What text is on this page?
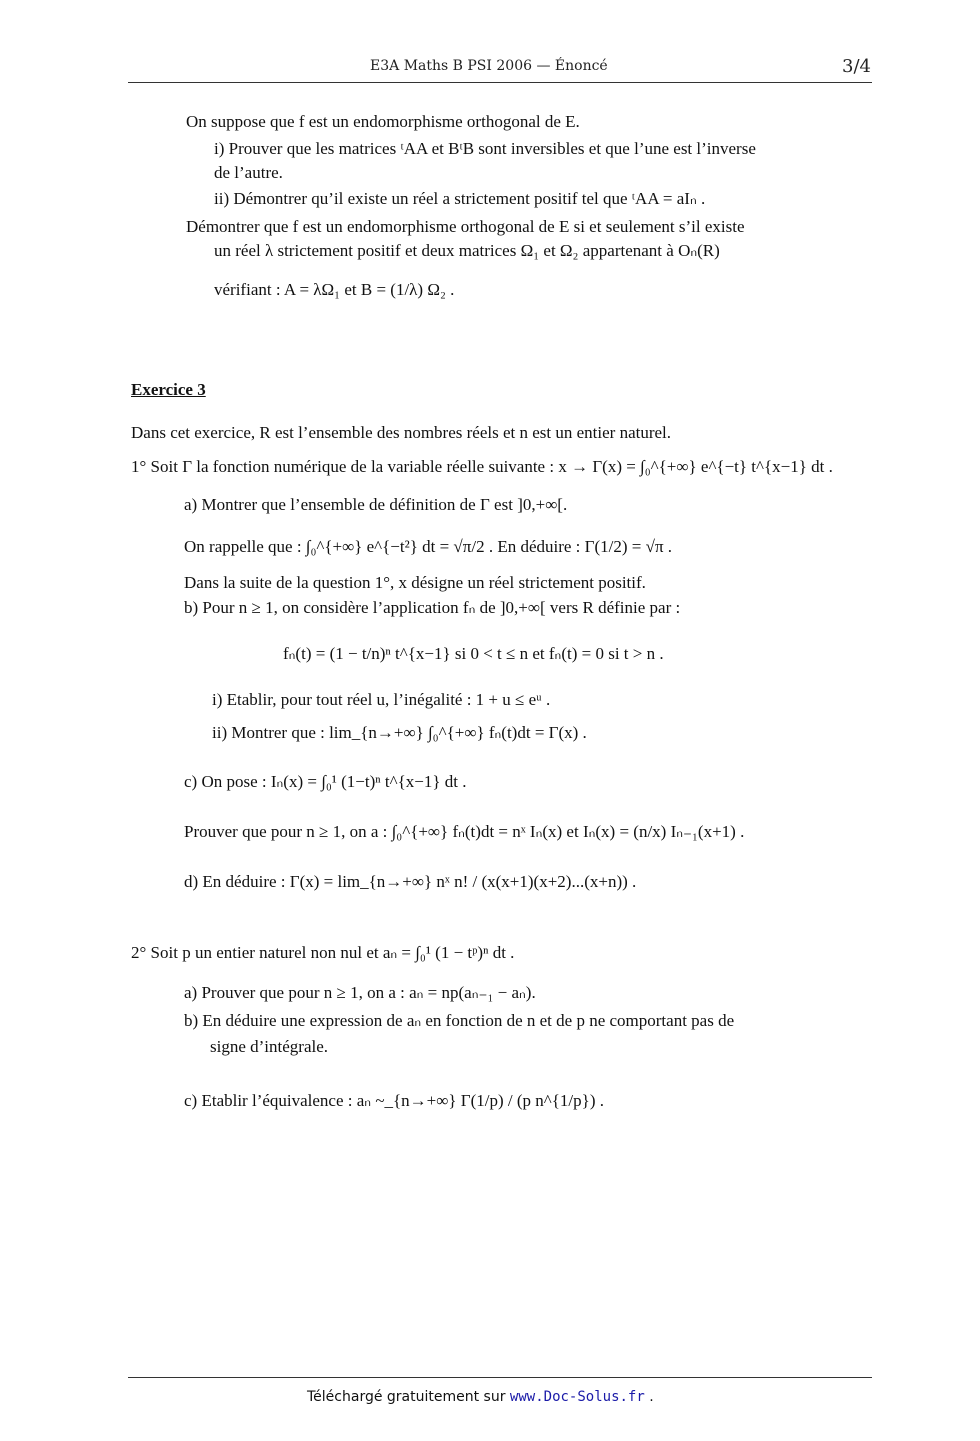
E3A Maths B PSI 2006 — Énoncé	3/4
On suppose que f est un endomorphisme orthogonal de E.
i) Prouver que les matrices ᵗAA et BᵗB sont inversibles et que l’une est l’inverse
de l’autre.
ii) Démontrer qu’il existe un réel a strictement positif tel que ᵗAA = aIₙ .
Démontrer que f est un endomorphisme orthogonal de E si et seulement s’il existe
un réel λ strictement positif et deux matrices Ω₁ et Ω₂ appartenant à Oₙ(R)
vérifiant : A = λΩ₁ et B = (1/λ) Ω₂ .
Exercice 3
Dans cet exercice, R est l’ensemble des nombres réels et n est un entier naturel.
1° Soit Γ la fonction numérique de la variable réelle suivante : x → Γ(x) = ∫₀^{+∞} e^{−t} t^{x−1} dt .
a) Montrer que l’ensemble de définition de Γ est ]0,+∞[.
On rappelle que : ∫₀^{+∞} e^{−t²} dt = √π/2 . En déduire : Γ(1/2) = √π .
Dans la suite de la question 1°, x désigne un réel strictement positif.
b) Pour n ≥ 1, on considère l’application fₙ de ]0,+∞[ vers R définie par :
fₙ(t) = (1 − t/n)ⁿ t^{x−1} si 0 < t ≤ n et fₙ(t) = 0 si t > n .
i) Etablir, pour tout réel u, l’inégalité : 1 + u ≤ eᵘ .
ii) Montrer que : lim_{n→+∞} ∫₀^{+∞} fₙ(t)dt = Γ(x) .
c) On pose : Iₙ(x) = ∫₀¹ (1−t)ⁿ t^{x−1} dt .
Prouver que pour n ≥ 1, on a : ∫₀^{+∞} fₙ(t)dt = nˣ Iₙ(x) et Iₙ(x) = (n/x) Iₙ₋₁(x+1) .
d) En déduire : Γ(x) = lim_{n→+∞} nˣ n! / (x(x+1)(x+2)...(x+n)) .
2° Soit p un entier naturel non nul et aₙ = ∫₀¹ (1 − tᵖ)ⁿ dt .
a) Prouver que pour n ≥ 1, on a : aₙ = np(aₙ₋₁ − aₙ).
b) En déduire une expression de aₙ en fonction de n et de p ne comportant pas de
signe d’intégrale.
c) Etablir l’équivalence : aₙ ~_{n→+∞} Γ(1/p) / (p n^{1/p}) .
Téléchargé gratuitement sur www.Doc-Solus.fr .
